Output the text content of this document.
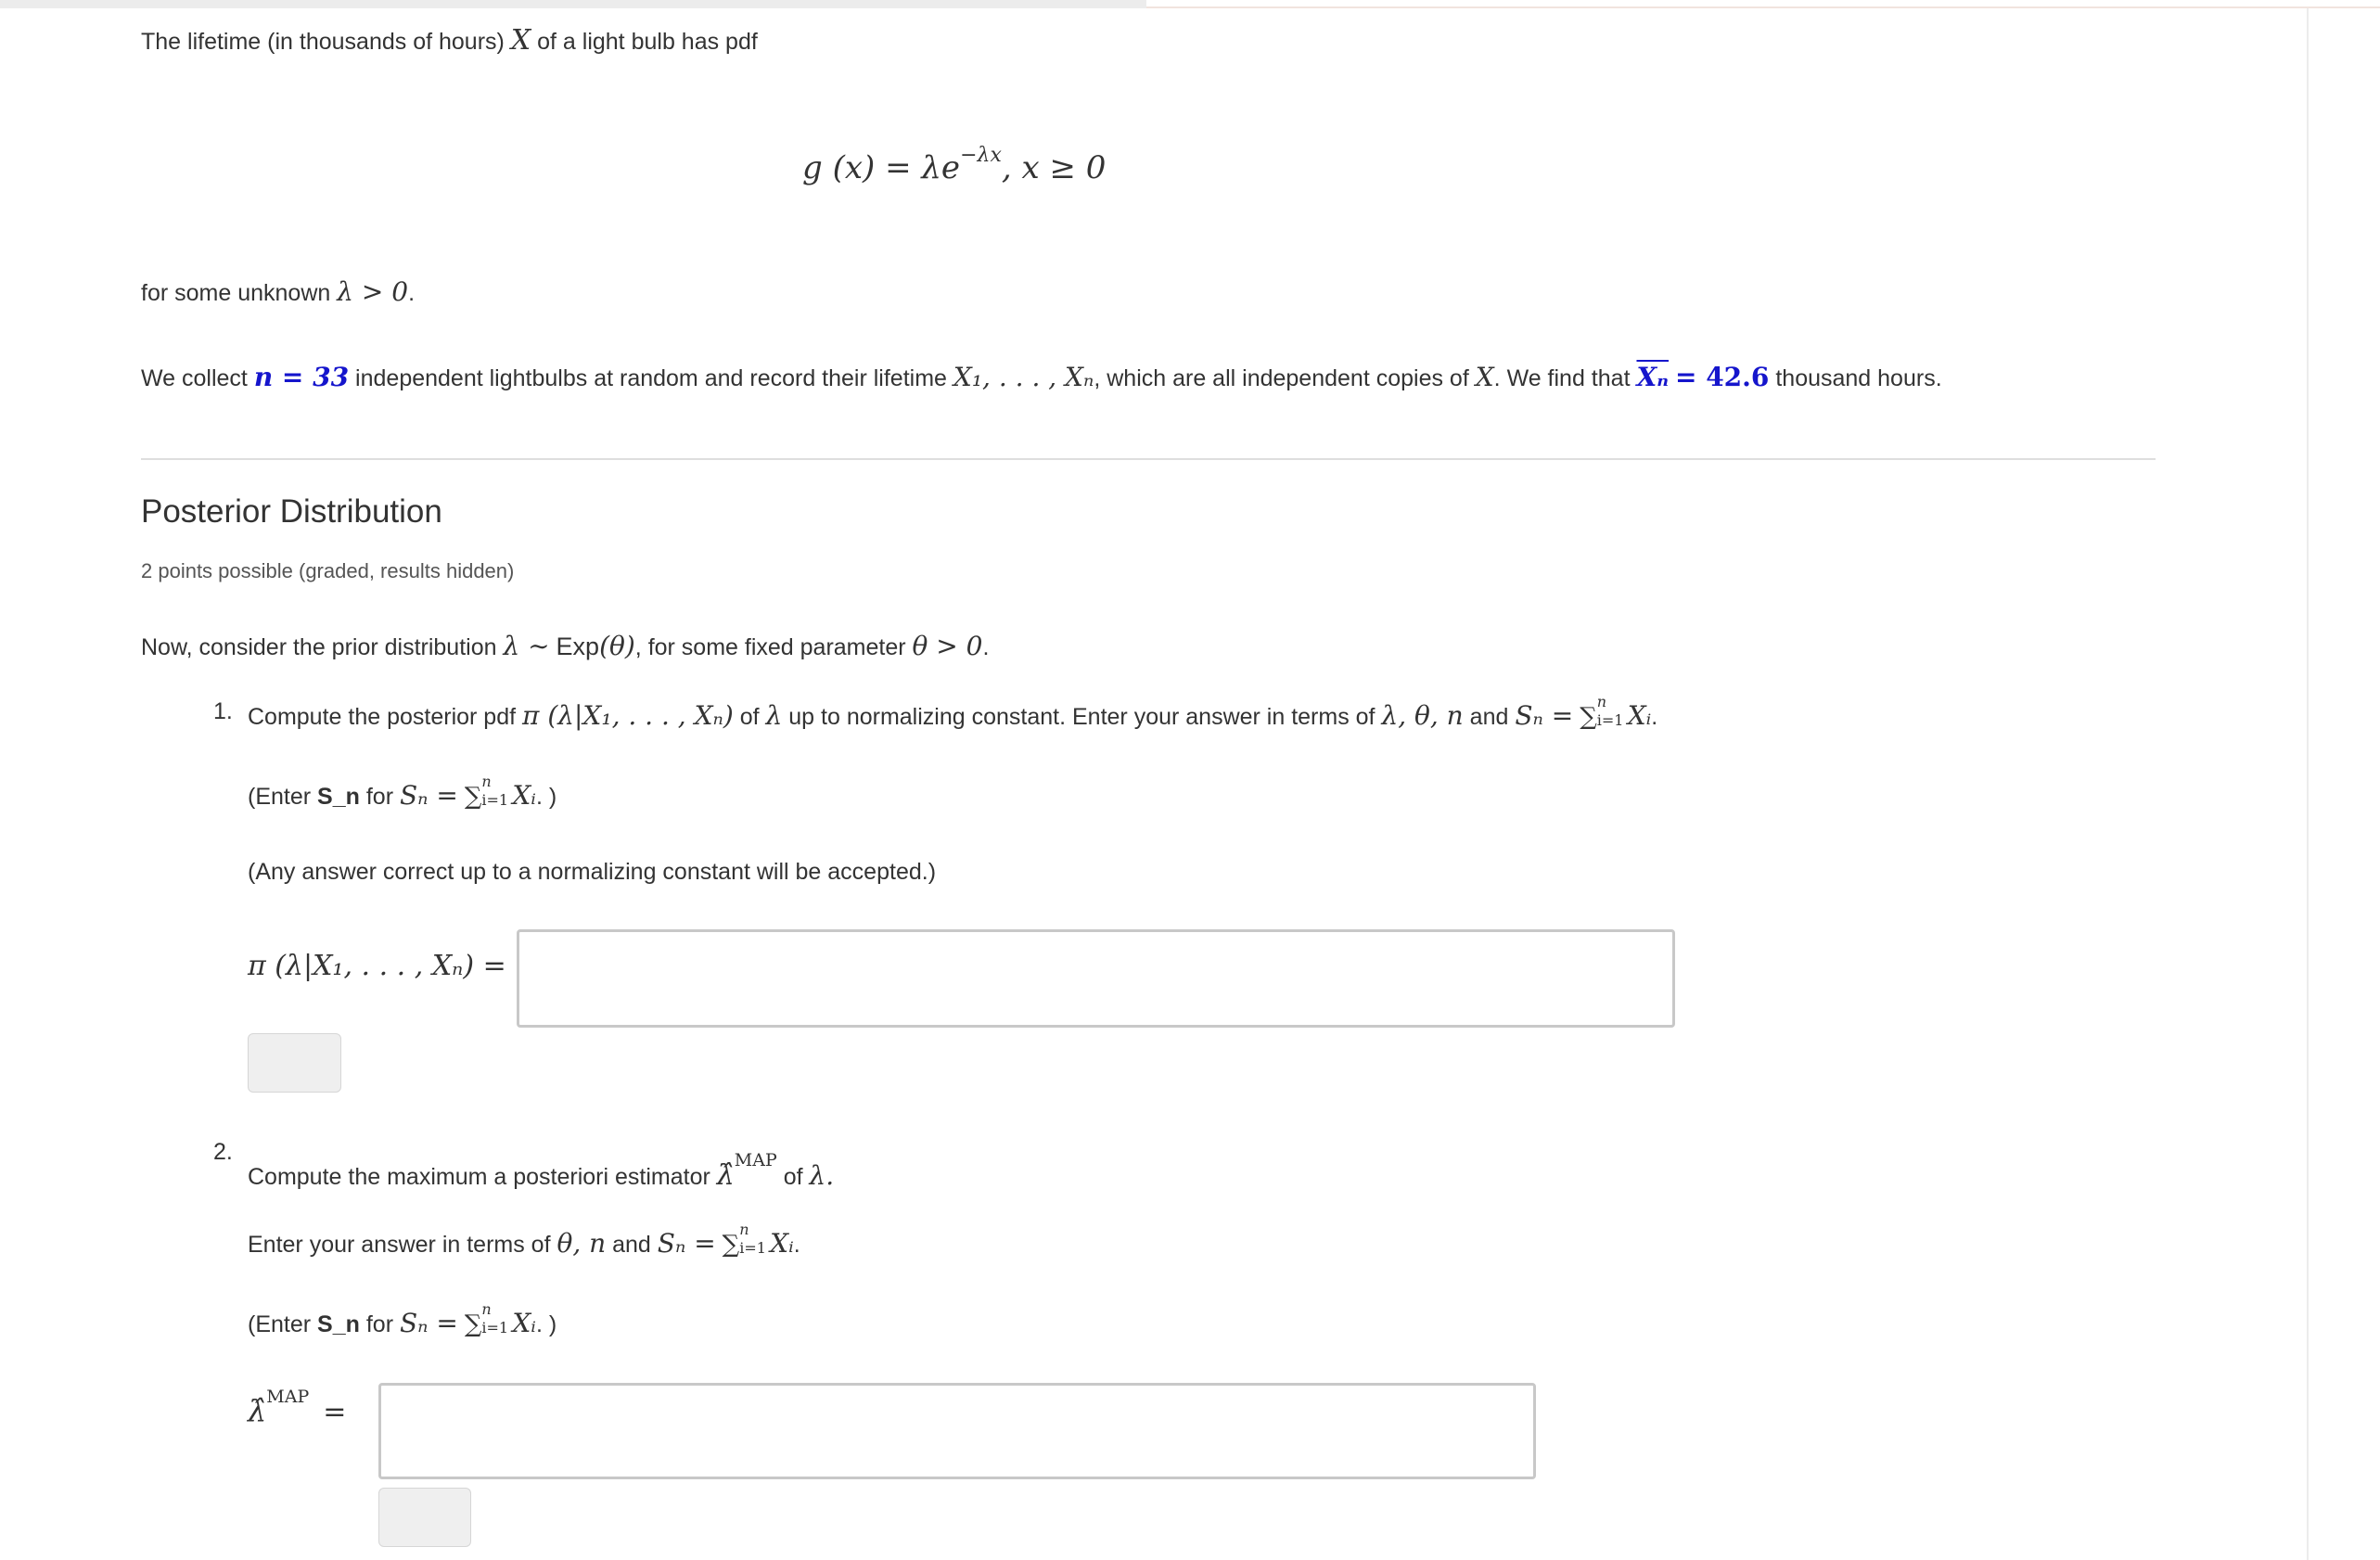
The lifetime (in thousands of hours) X of a light bulb has pdf
g $(x) = \lambda e^{-\lambda x}$, x ≥ 0
for some unknown λ > 0.
We collect n = 33 independent lightbulbs at random and record their lifetime X₁, . . . , Xₙ, which are all independent copies of X. We find that $\overline{X_n} = 42.6$ thousand hours.
Posterior Distribution
2 points possible (graded, results hidden)
Now, consider the prior distribution λ ∼ Exp(θ), for some fixed parameter θ > 0.
1. Compute the posterior pdf π (λ|X₁, . . . , Xₙ) of λ up to normalizing constant. Enter your answer in terms of λ, θ, n and Sₙ = ∑
n
i=1 Xᵢ.
(Enter S_n for Sₙ = ∑
n
i=1 Xᵢ. )
(Any answer correct up to a normalizing constant will be accepted.)
π (λ|X₁, . . . , Xₙ) =
2.
Compute the maximum a posteriori estimator λ̂$^{MAP}$ of λ.
Enter your answer in terms of θ, n and Sₙ = ∑
n
i=1 Xᵢ.
(Enter S_n for Sₙ = ∑
n
i=1 Xᵢ. )
λ̂$^{MAP}$ =
